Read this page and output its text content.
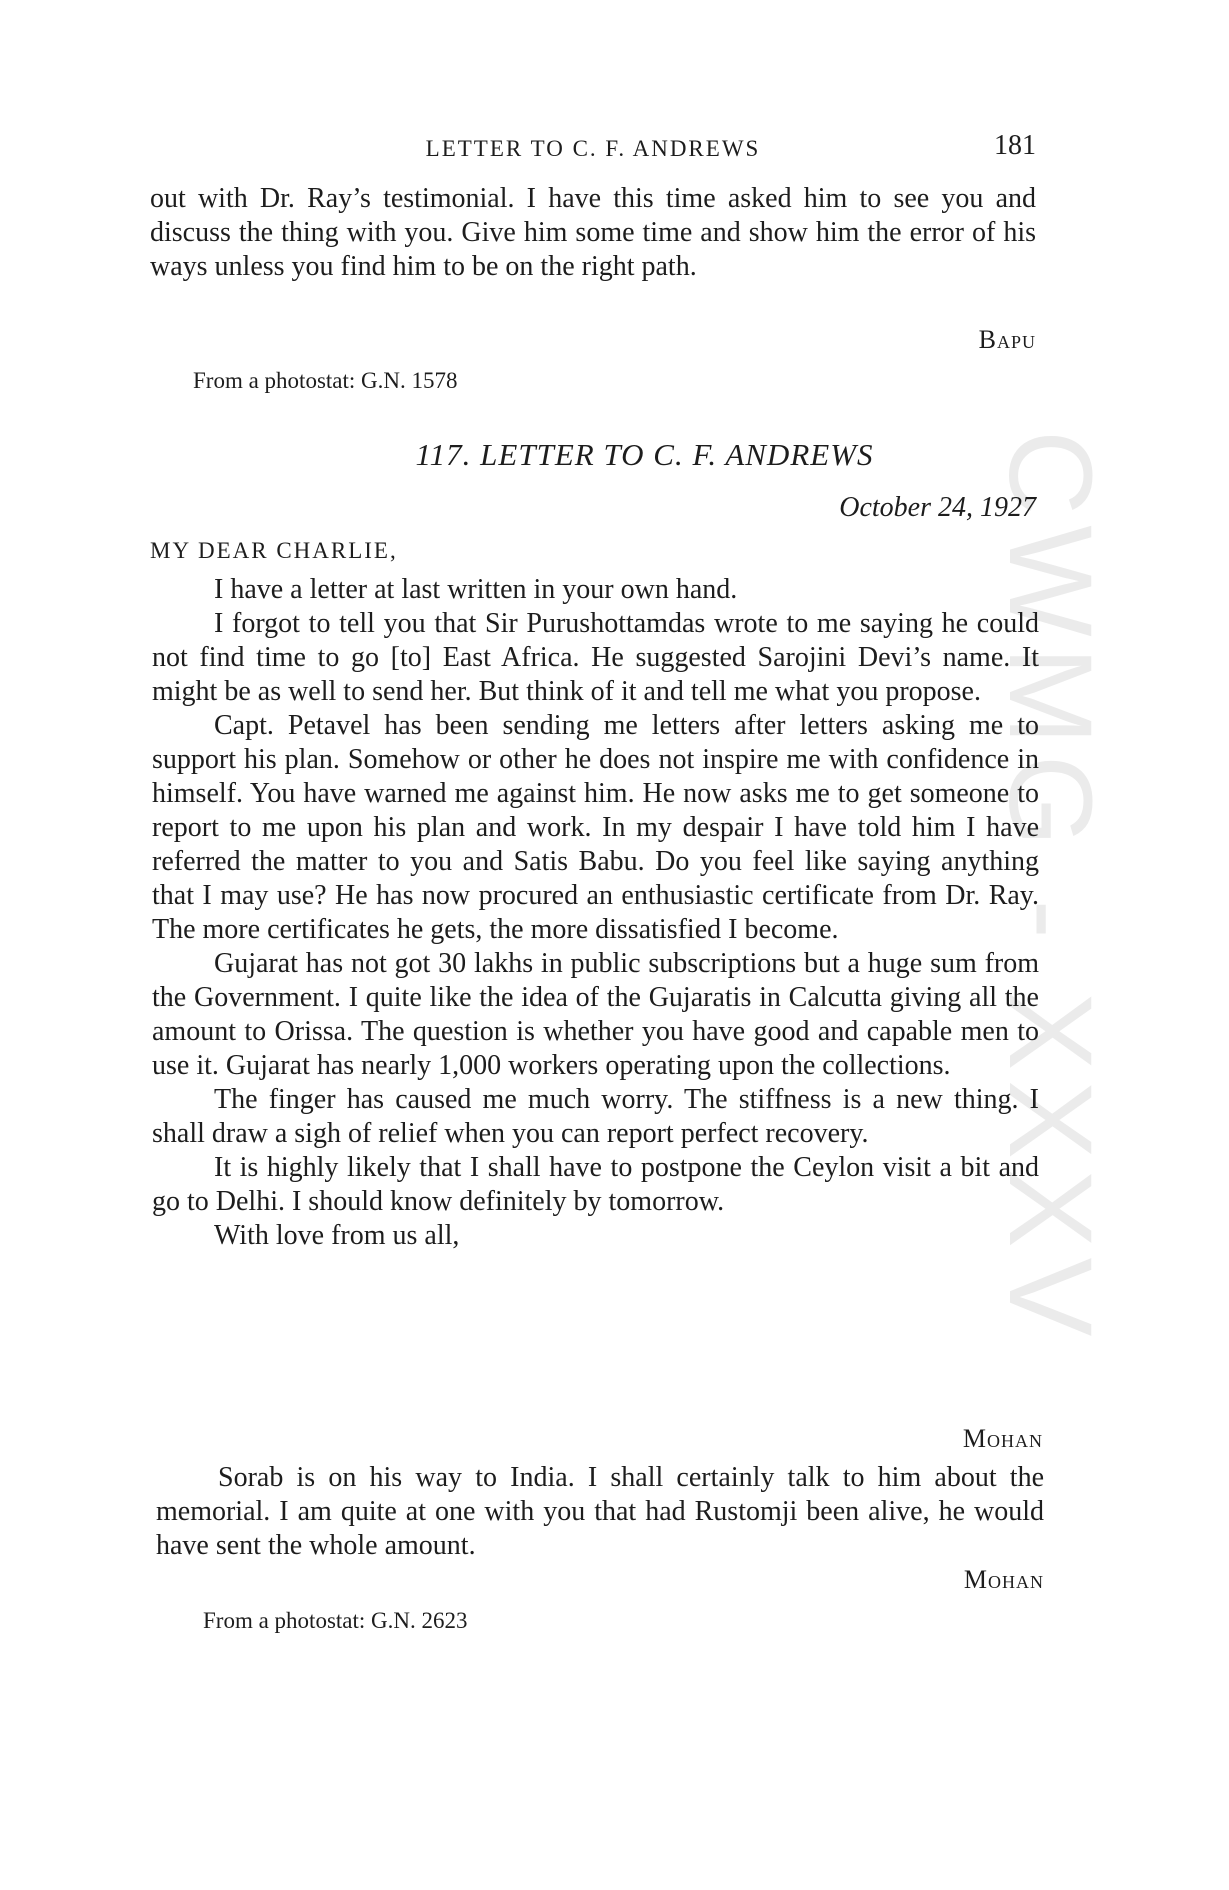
CWMG - XXXV
LETTER TO C. F. ANDREWS	181

out with Dr. Ray’s testimonial. I have this time asked him to see you and discuss the thing with you. Give him some time and show him the error of his ways unless you find him to be on the right path.

Bapu
From a photostat: G.N. 1578
117. LETTER TO C. F. ANDREWS
October 24, 1927
MY DEAR CHARLIE,

I have a letter at last written in your own hand.

I forgot to tell you that Sir Purushottamdas wrote to me saying he could not find time to go [to] East Africa. He suggested Sarojini Devi’s name. It might be as well to send her. But think of it and tell me what you propose.

Capt. Petavel has been sending me letters after letters asking me to support his plan. Somehow or other he does not inspire me with confidence in himself. You have warned me against him. He now asks me to get someone to report to me upon his plan and work. In my despair I have told him I have referred the matter to you and Satis Babu. Do you feel like saying anything that I may use? He has now procured an enthusiastic certificate from Dr. Ray. The more certificates he gets, the more dissatisfied I become.

Gujarat has not got 30 lakhs in public subscriptions but a huge sum from the Government. I quite like the idea of the Gujaratis in Calcutta giving all the amount to Orissa. The question is whether you have good and capable men to use it. Gujarat has nearly 1,000 workers operating upon the collections.

The finger has caused me much worry. The stiffness is a new thing. I shall draw a sigh of relief when you can report perfect recovery.

It is highly likely that I shall have to postpone the Ceylon visit a bit and go to Delhi. I should know definitely by tomorrow.

With love from us all,

Mohan

Sorab is on his way to India. I shall certainly talk to him about the memorial. I am quite at one with you that had Rustomji been alive, he would have sent the whole amount.

Mohan
From a photostat: G.N. 2623
